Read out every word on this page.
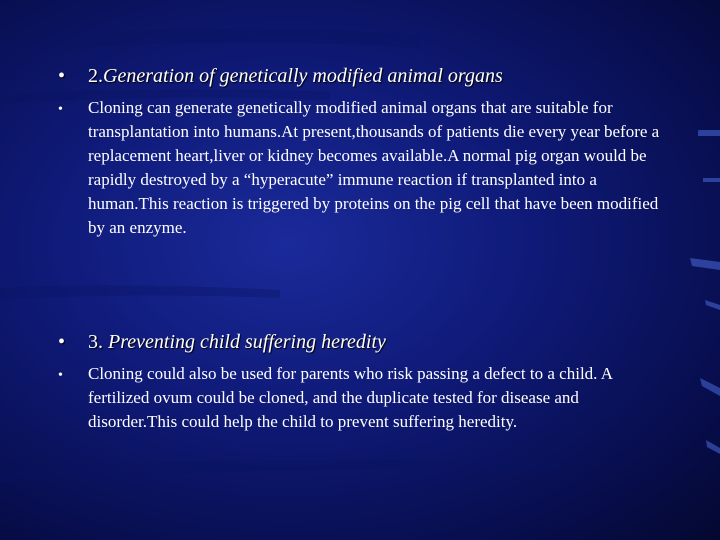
• 2.Generation of genetically modified animal organs
• Cloning can generate genetically modified animal organs that are suitable for transplantation into humans.At present,thousands of patients die every year before a replacement heart,liver or kidney becomes available.A normal pig organ would be rapidly destroyed by a “hyperacute” immune reaction if transplanted into a human.This reaction is triggered by proteins on the pig cell that have been modified by an enzyme.
• 3. Preventing child suffering heredity
• Cloning could also be used for parents who risk passing a defect to a child. A fertilized ovum could be cloned, and the duplicate tested for disease and disorder.This could help the child to prevent suffering heredity.
